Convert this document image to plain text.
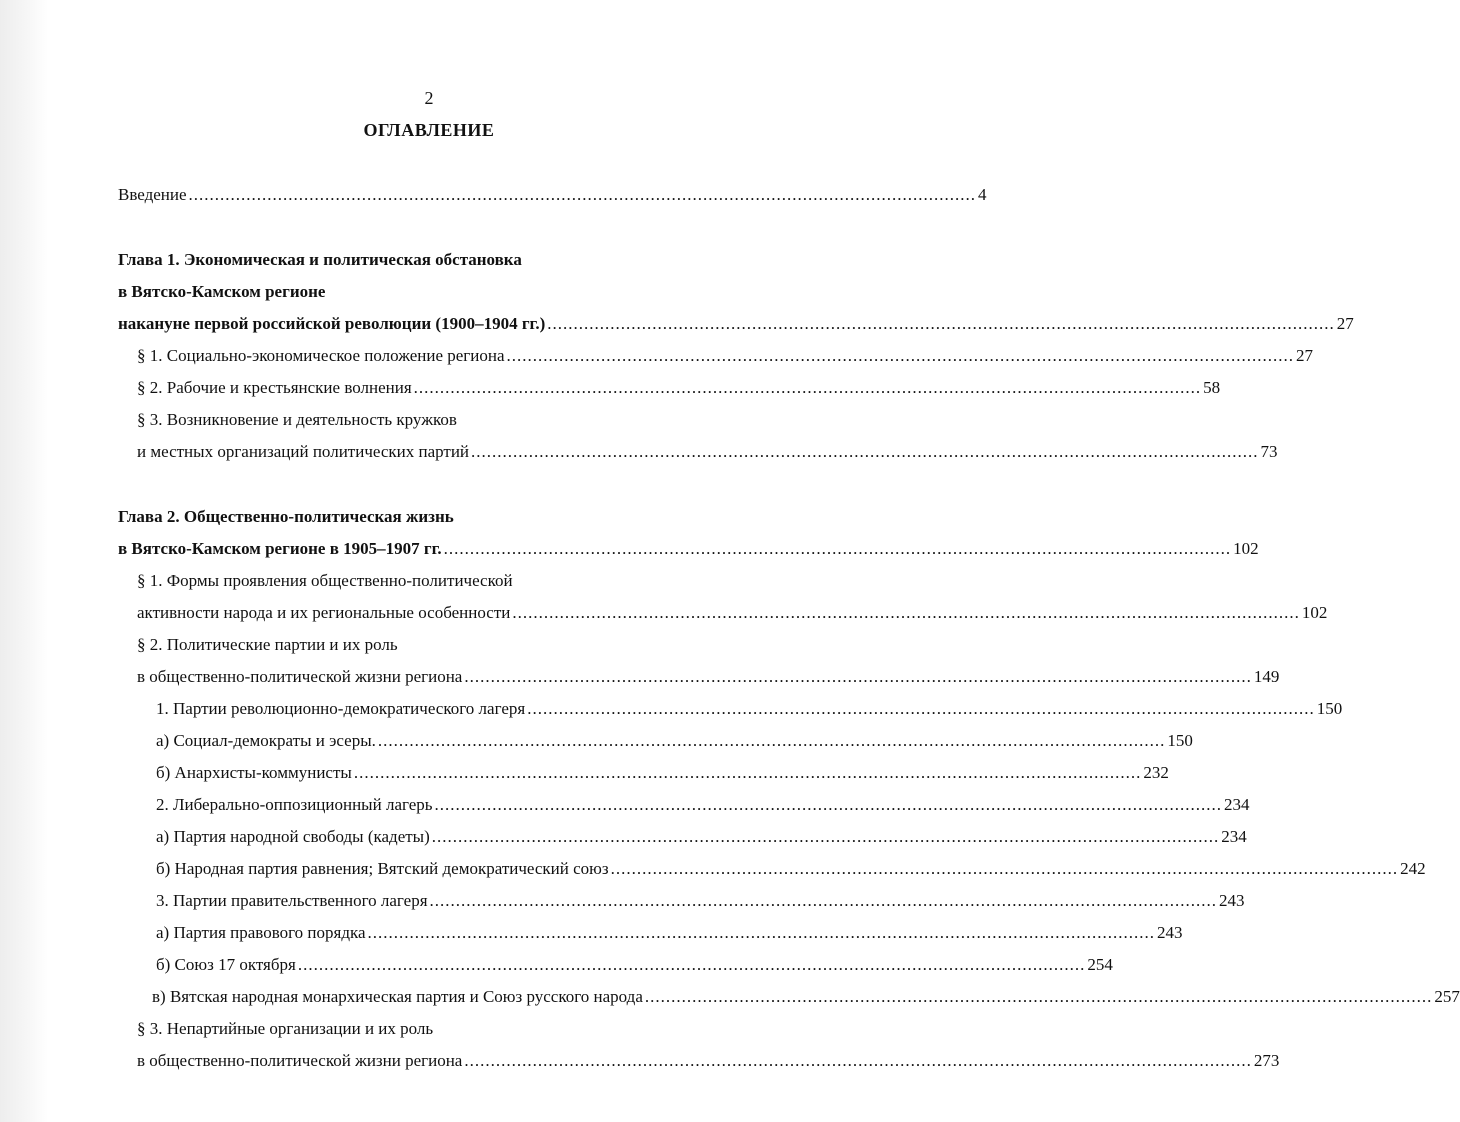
2
ОГЛАВЛЕНИЕ
Введение ...................................................................................................................................................... 4
Глава 1. Экономическая и политическая обстановка
в Вятско-Камском регионе
накануне первой российской революции (1900–1904 гг.) ...................................................................................................................................................... 27
§ 1. Социально-экономическое положение региона ...................................................................................................................................................... 27
§ 2. Рабочие и крестьянские волнения ...................................................................................................................................................... 58
§ 3. Возникновение и деятельность кружков
и местных организаций политических партий ...................................................................................................................................................... 73
Глава 2. Общественно-политическая жизнь
в Вятско-Камском регионе в 1905–1907 гг. ...................................................................................................................................................... 102
§ 1. Формы проявления общественно-политической
активности народа и их региональные особенности ...................................................................................................................................................... 102
§ 2. Политические партии и их роль
в общественно-политической жизни региона ...................................................................................................................................................... 149
1. Партии революционно-демократического лагеря ...................................................................................................................................................... 150
а) Социал-демократы и эсеры. ...................................................................................................................................................... 150
б) Анархисты-коммунисты ...................................................................................................................................................... 232
2. Либерально-оппозиционный лагерь ...................................................................................................................................................... 234
а) Партия народной свободы (кадеты) ...................................................................................................................................................... 234
б) Народная партия равнения; Вятский демократический союз ...................................................................................................................................................... 242
3. Партии правительственного лагеря ...................................................................................................................................................... 243
а) Партия правового порядка ...................................................................................................................................................... 243
б) Союз 17 октября ...................................................................................................................................................... 254
в) Вятская народная монархическая партия и Союз русского народа ...................................................................................................................................................... 257
§ 3. Непартийные организации и их роль
в общественно-политической жизни региона ...................................................................................................................................................... 273
